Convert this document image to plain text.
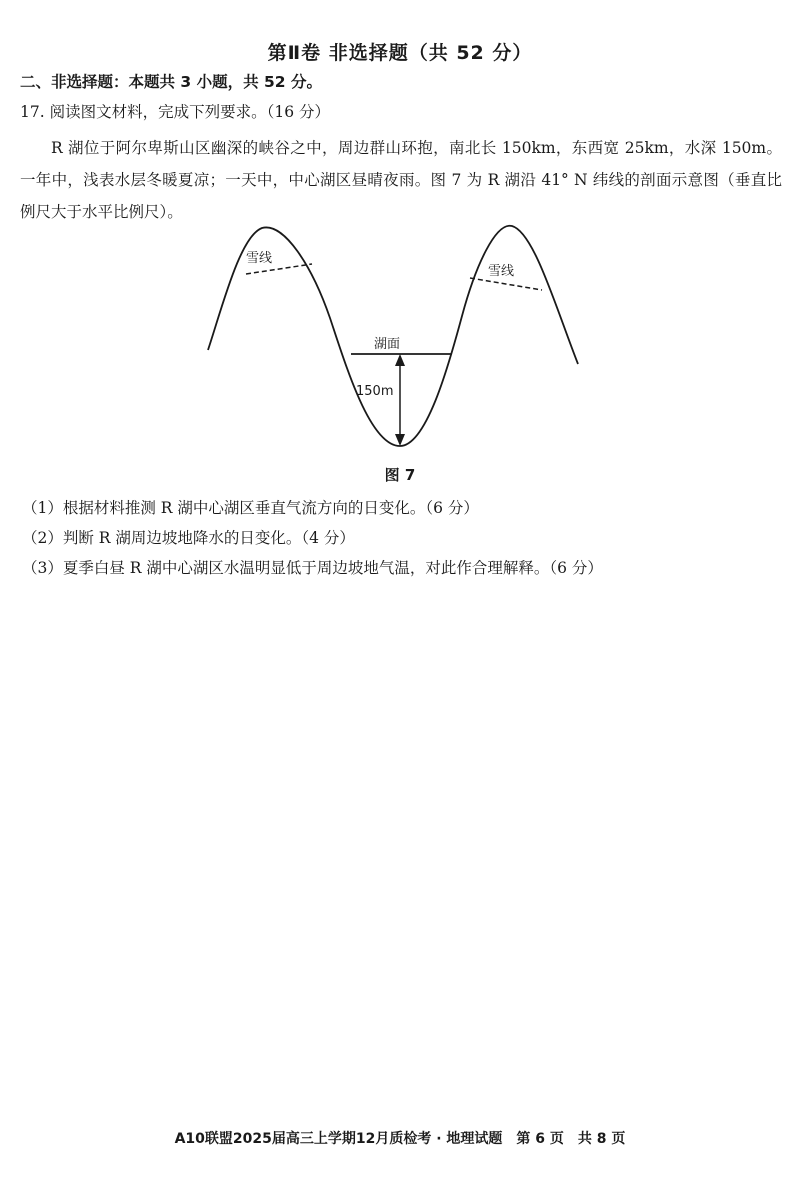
第Ⅱ卷 非选择题（共 52 分）
二、非选择题：本题共 3 小题，共 52 分。
17. 阅读图文材料，完成下列要求。（16 分）
R 湖位于阿尔卑斯山区幽深的峡谷之中，周边群山环抱，南北长 150km，东西宽 25km，水深 150m。一年中，浅表水层冬暖夏凉；一天中，中心湖区昼晴夜雨。图 7 为 R 湖沿 41° N 纬线的剖面示意图（垂直比例尺大于水平比例尺）。
雪线
雪线
湖面
150m
图 7
（1）根据材料推测 R 湖中心湖区垂直气流方向的日变化。（6 分）
（2）判断 R 湖周边坡地降水的日变化。（4 分）
（3）夏季白昼 R 湖中心湖区水温明显低于周边坡地气温，对此作合理解释。（6 分）
A10联盟2025届高三上学期12月质检考 · 地理试题　第 6 页　共 8 页
